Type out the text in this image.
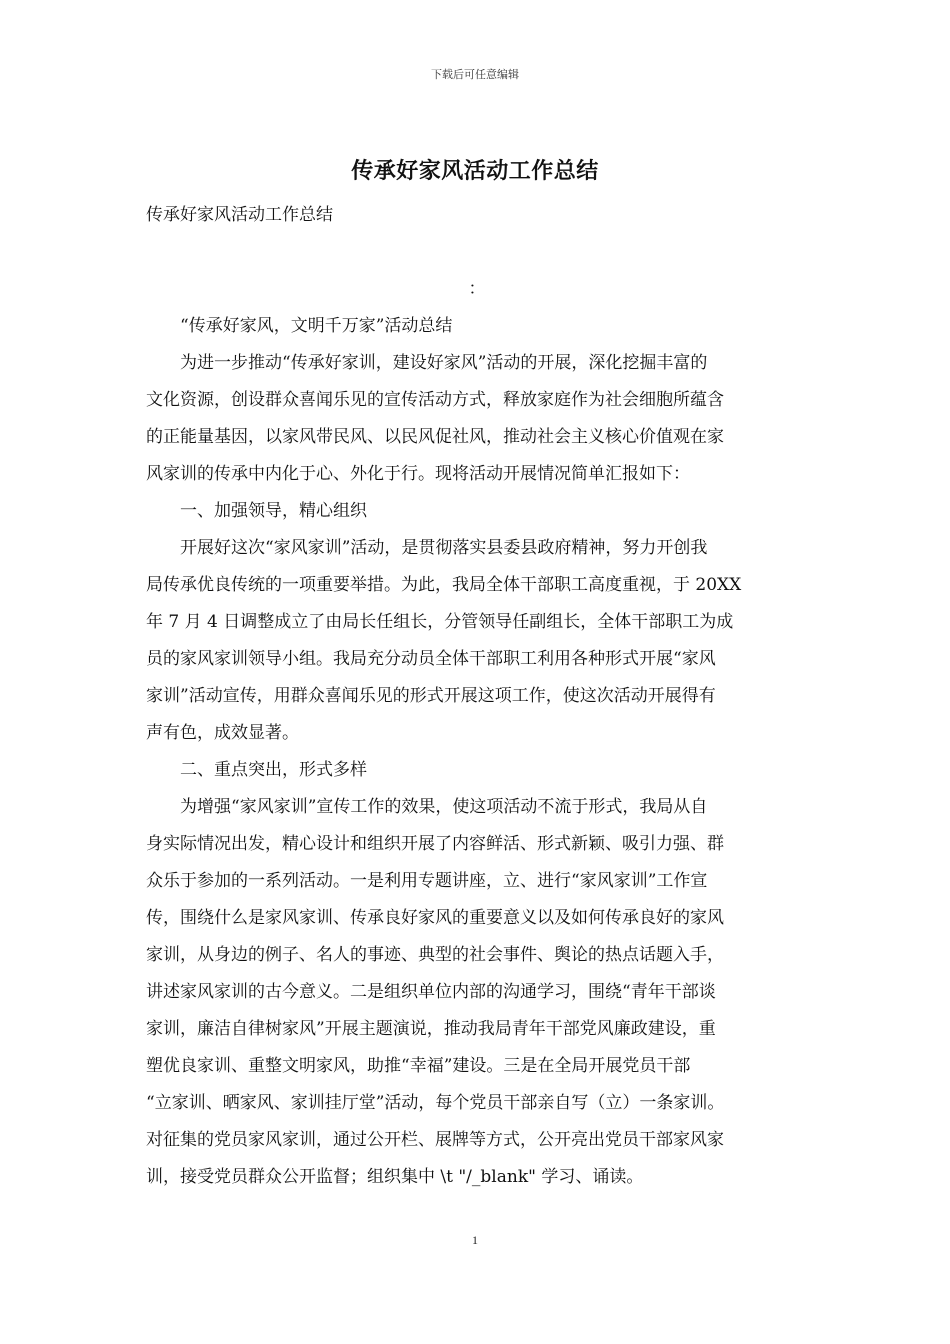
下载后可任意编辑
传承好家风活动工作总结
传承好家风活动工作总结
：
“传承好家风，文明千万家”活动总结
为进一步推动“传承好家训，建设好家风”活动的开展，深化挖掘丰富的
文化资源，创设群众喜闻乐见的宣传活动方式，释放家庭作为社会细胞所蕴含
的正能量基因，以家风带民风、以民风促社风，推动社会主义核心价值观在家
风家训的传承中内化于心、外化于行。现将活动开展情况简单汇报如下：
一、加强领导，精心组织
开展好这次“家风家训”活动，是贯彻落实县委县政府精神，努力开创我
局传承优良传统的一项重要举措。为此，我局全体干部职工高度重视，于 20XX
年 7 月 4 日调整成立了由局长任组长，分管领导任副组长，全体干部职工为成
员的家风家训领导小组。我局充分动员全体干部职工利用各种形式开展“家风
家训”活动宣传，用群众喜闻乐见的形式开展这项工作，使这次活动开展得有
声有色，成效显著。
二、重点突出，形式多样
为增强“家风家训”宣传工作的效果，使这项活动不流于形式，我局从自
身实际情况出发，精心设计和组织开展了内容鲜活、形式新颖、吸引力强、群
众乐于参加的一系列活动。一是利用专题讲座，立、进行“家风家训”工作宣
传，围绕什么是家风家训、传承良好家风的重要意义以及如何传承良好的家风
家训，从身边的例子、名人的事迹、典型的社会事件、舆论的热点话题入手，
讲述家风家训的古今意义。二是组织单位内部的沟通学习，围绕“青年干部谈
家训，廉洁自律树家风”开展主题演说，推动我局青年干部党风廉政建设，重
塑优良家训、重整文明家风，助推“幸福”建设。三是在全局开展党员干部
“立家训、晒家风、家训挂厅堂”活动，每个党员干部亲自写（立）一条家训。
对征集的党员家风家训，通过公开栏、展牌等方式，公开亮出党员干部家风家
训，接受党员群众公开监督；组织集中 \t "/_blank" 学习、诵读。
1
